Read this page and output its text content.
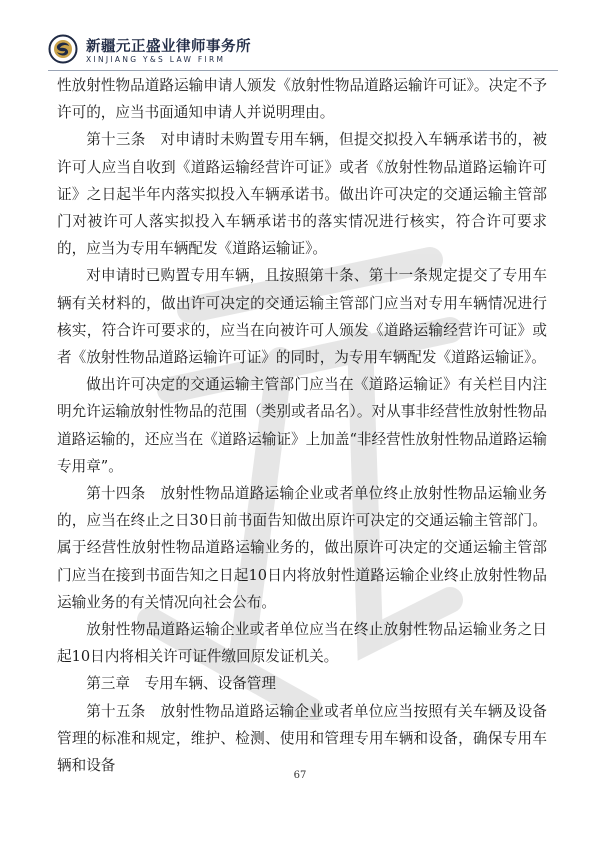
新疆元正盛业律师事务所
XINJIANG Y&S LAW FIRM

性放射性物品道路运输申请人颁发《放射性物品道路运输许可证》。决定不予许可的，应当书面通知申请人并说明理由。

第十三条　对申请时未购置专用车辆，但提交拟投入车辆承诺书的，被许可人应当自收到《道路运输经营许可证》或者《放射性物品道路运输许可证》之日起半年内落实拟投入车辆承诺书。做出许可决定的交通运输主管部门对被许可人落实拟投入车辆承诺书的落实情况进行核实，符合许可要求的，应当为专用车辆配发《道路运输证》。

对申请时已购置专用车辆，且按照第十条、第十一条规定提交了专用车辆有关材料的，做出许可决定的交通运输主管部门应当对专用车辆情况进行核实，符合许可要求的，应当在向被许可人颁发《道路运输经营许可证》或者《放射性物品道路运输许可证》的同时，为专用车辆配发《道路运输证》。

做出许可决定的交通运输主管部门应当在《道路运输证》有关栏目内注明允许运输放射性物品的范围（类别或者品名）。对从事非经营性放射性物品道路运输的，还应当在《道路运输证》上加盖“非经营性放射性物品道路运输专用章”。

第十四条　放射性物品道路运输企业或者单位终止放射性物品运输业务的，应当在终止之日30日前书面告知做出原许可决定的交通运输主管部门。属于经营性放射性物品道路运输业务的，做出原许可决定的交通运输主管部门应当在接到书面告知之日起10日内将放射性道路运输企业终止放射性物品运输业务的有关情况向社会公布。

放射性物品道路运输企业或者单位应当在终止放射性物品运输业务之日起10日内将相关许可证件缴回原发证机关。

第三章　专用车辆、设备管理

第十五条　放射性物品道路运输企业或者单位应当按照有关车辆及设备管理的标准和规定，维护、检测、使用和管理专用车辆和设备，确保专用车辆和设备

67
